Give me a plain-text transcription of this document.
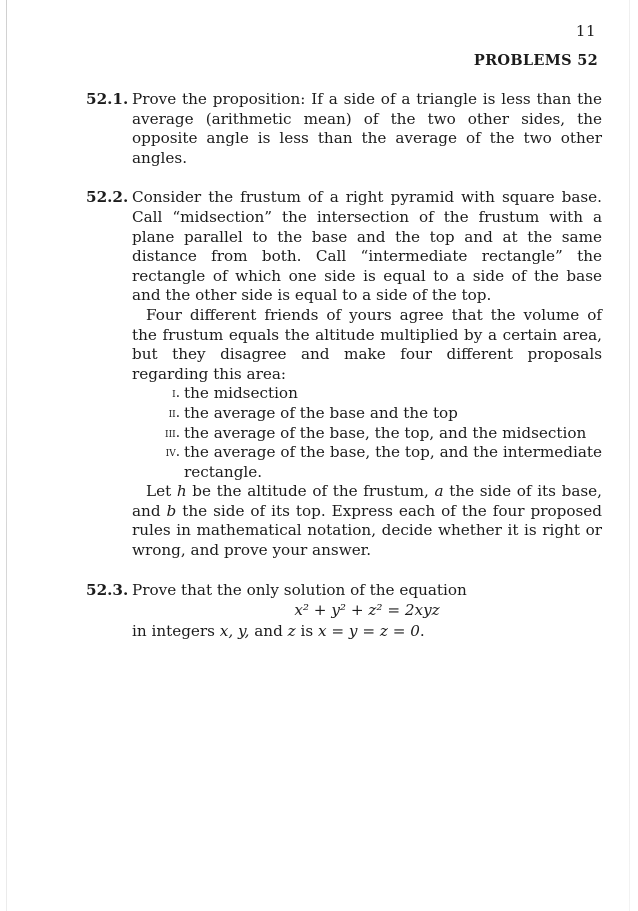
11
PROBLEMS 52
52.1. Prove the proposition: If a side of a triangle is less than the average (arithmetic mean) of the two other sides, the opposite angle is less than the average of the two other angles.

52.2. Consider the frustum of a right pyramid with square base. Call “midsection” the intersection of the frustum with a plane parallel to the base and the top and at the same distance from both. Call “intermediate rectangle” the rectangle of which one side is equal to a side of the base and the other side is equal to a side of the top.

Four different friends of yours agree that the volume of the frustum equals the altitude multiplied by a certain area, but they disagree and make four different proposals regarding this area:

i. the midsection
ii. the average of the base and the top
iii. the average of the base, the top, and the midsection
iv. the average of the base, the top, and the intermediate rectangle.

Let h be the altitude of the frustum, a the side of its base, and b the side of its top. Express each of the four proposed rules in mathematical notation, decide whether it is right or wrong, and prove your answer.

52.3. Prove that the only solution of the equation

x² + y² + z² = 2xyz

in integers x, y, and z is x = y = z = 0.
